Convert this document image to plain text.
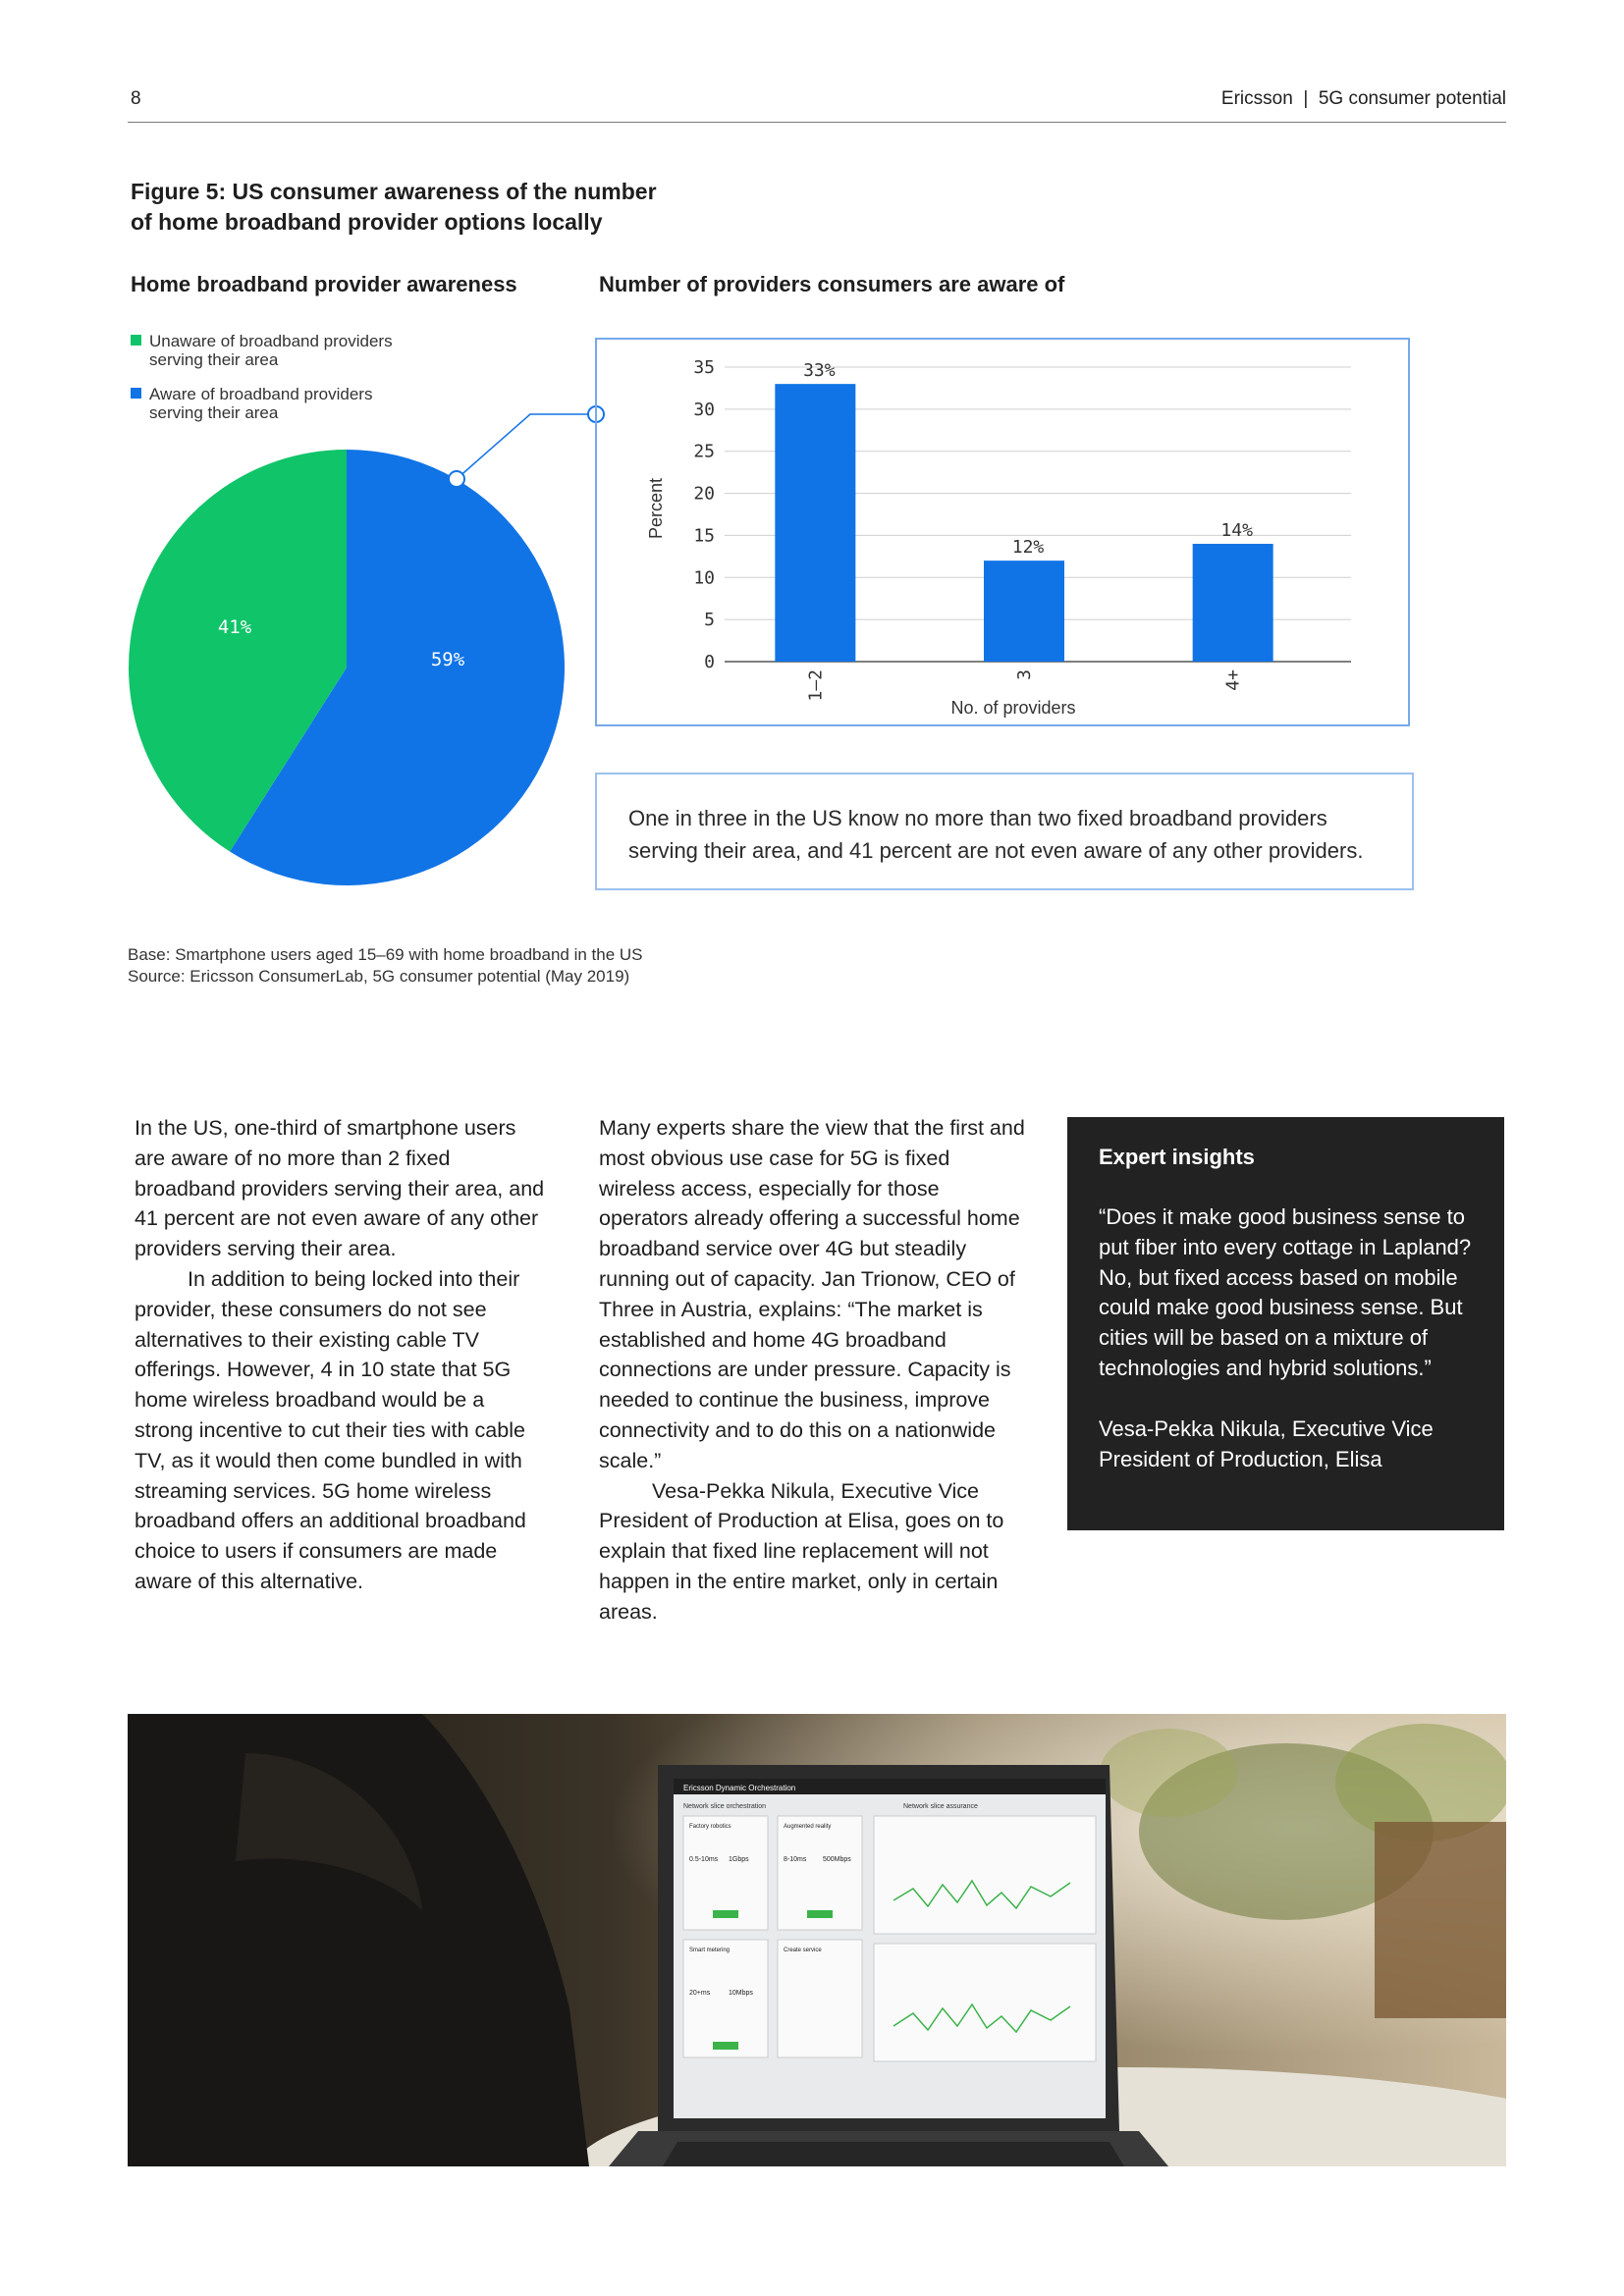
8	Ericsson  |  5G consumer potential
Figure 5: US consumer awareness of the number
of home broadband provider options locally
Home broadband provider awareness	Number of providers consumers are aware of
Unaware of broadband providers
serving their area
Aware of broadband providers
serving their area
41%
59%	0
5
10
15
20
25
30
35	33%
1–2
12%
3
14%
4+
Percent
No. of providers
One in three in the US know no more than two fixed broadband providers serving their area, and 41 percent are not even aware of any other providers.
Base: Smartphone users aged 15–69 with home broadband in the US
Source: Ericsson ConsumerLab, 5G consumer potential (May 2019)

In the US, one-third of smartphone users are aware of no more than 2 fixed broadband providers serving their area, and 41 percent are not even aware of any other providers serving their area.

In addition to being locked into their provider, these consumers do not see alternatives to their existing cable TV offerings. However, 4 in 10 state that 5G home wireless broadband would be a strong incentive to cut their ties with cable TV, as it would then come bundled in with streaming services. 5G home wireless broadband offers an additional broadband choice to users if consumers are made aware of this alternative.

Many experts share the view that the first and most obvious use case for 5G is fixed wireless access, especially for those operators already offering a successful home broadband service over 4G but steadily running out of capacity. Jan Trionow, CEO of Three in Austria, explains: “The market is established and home 4G broadband connections are under pressure. Capacity is needed to continue the business, improve connectivity and to do this on a nationwide scale.”

Vesa-Pekka Nikula, Executive Vice President of Production at Elisa, goes on to explain that fixed line replacement will not happen in the entire market, only in certain areas.

Expert insights
“Does it make good business sense to put fiber into every cottage in Lapland? No, but fixed access based on mobile could make good business sense. But cities will be based on a mixture of technologies and hybrid solutions.”
Vesa-Pekka Nikula, Executive Vice President of Production, Elisa
Ericsson Dynamic Orchestration
Network slice orchestration	Network slice assurance
Factory robotics	Augmented reality
Smart metering	Create service
0.5-10ms 1Gbps	8-10ms 500Mbps
20+ms	10Mbps
